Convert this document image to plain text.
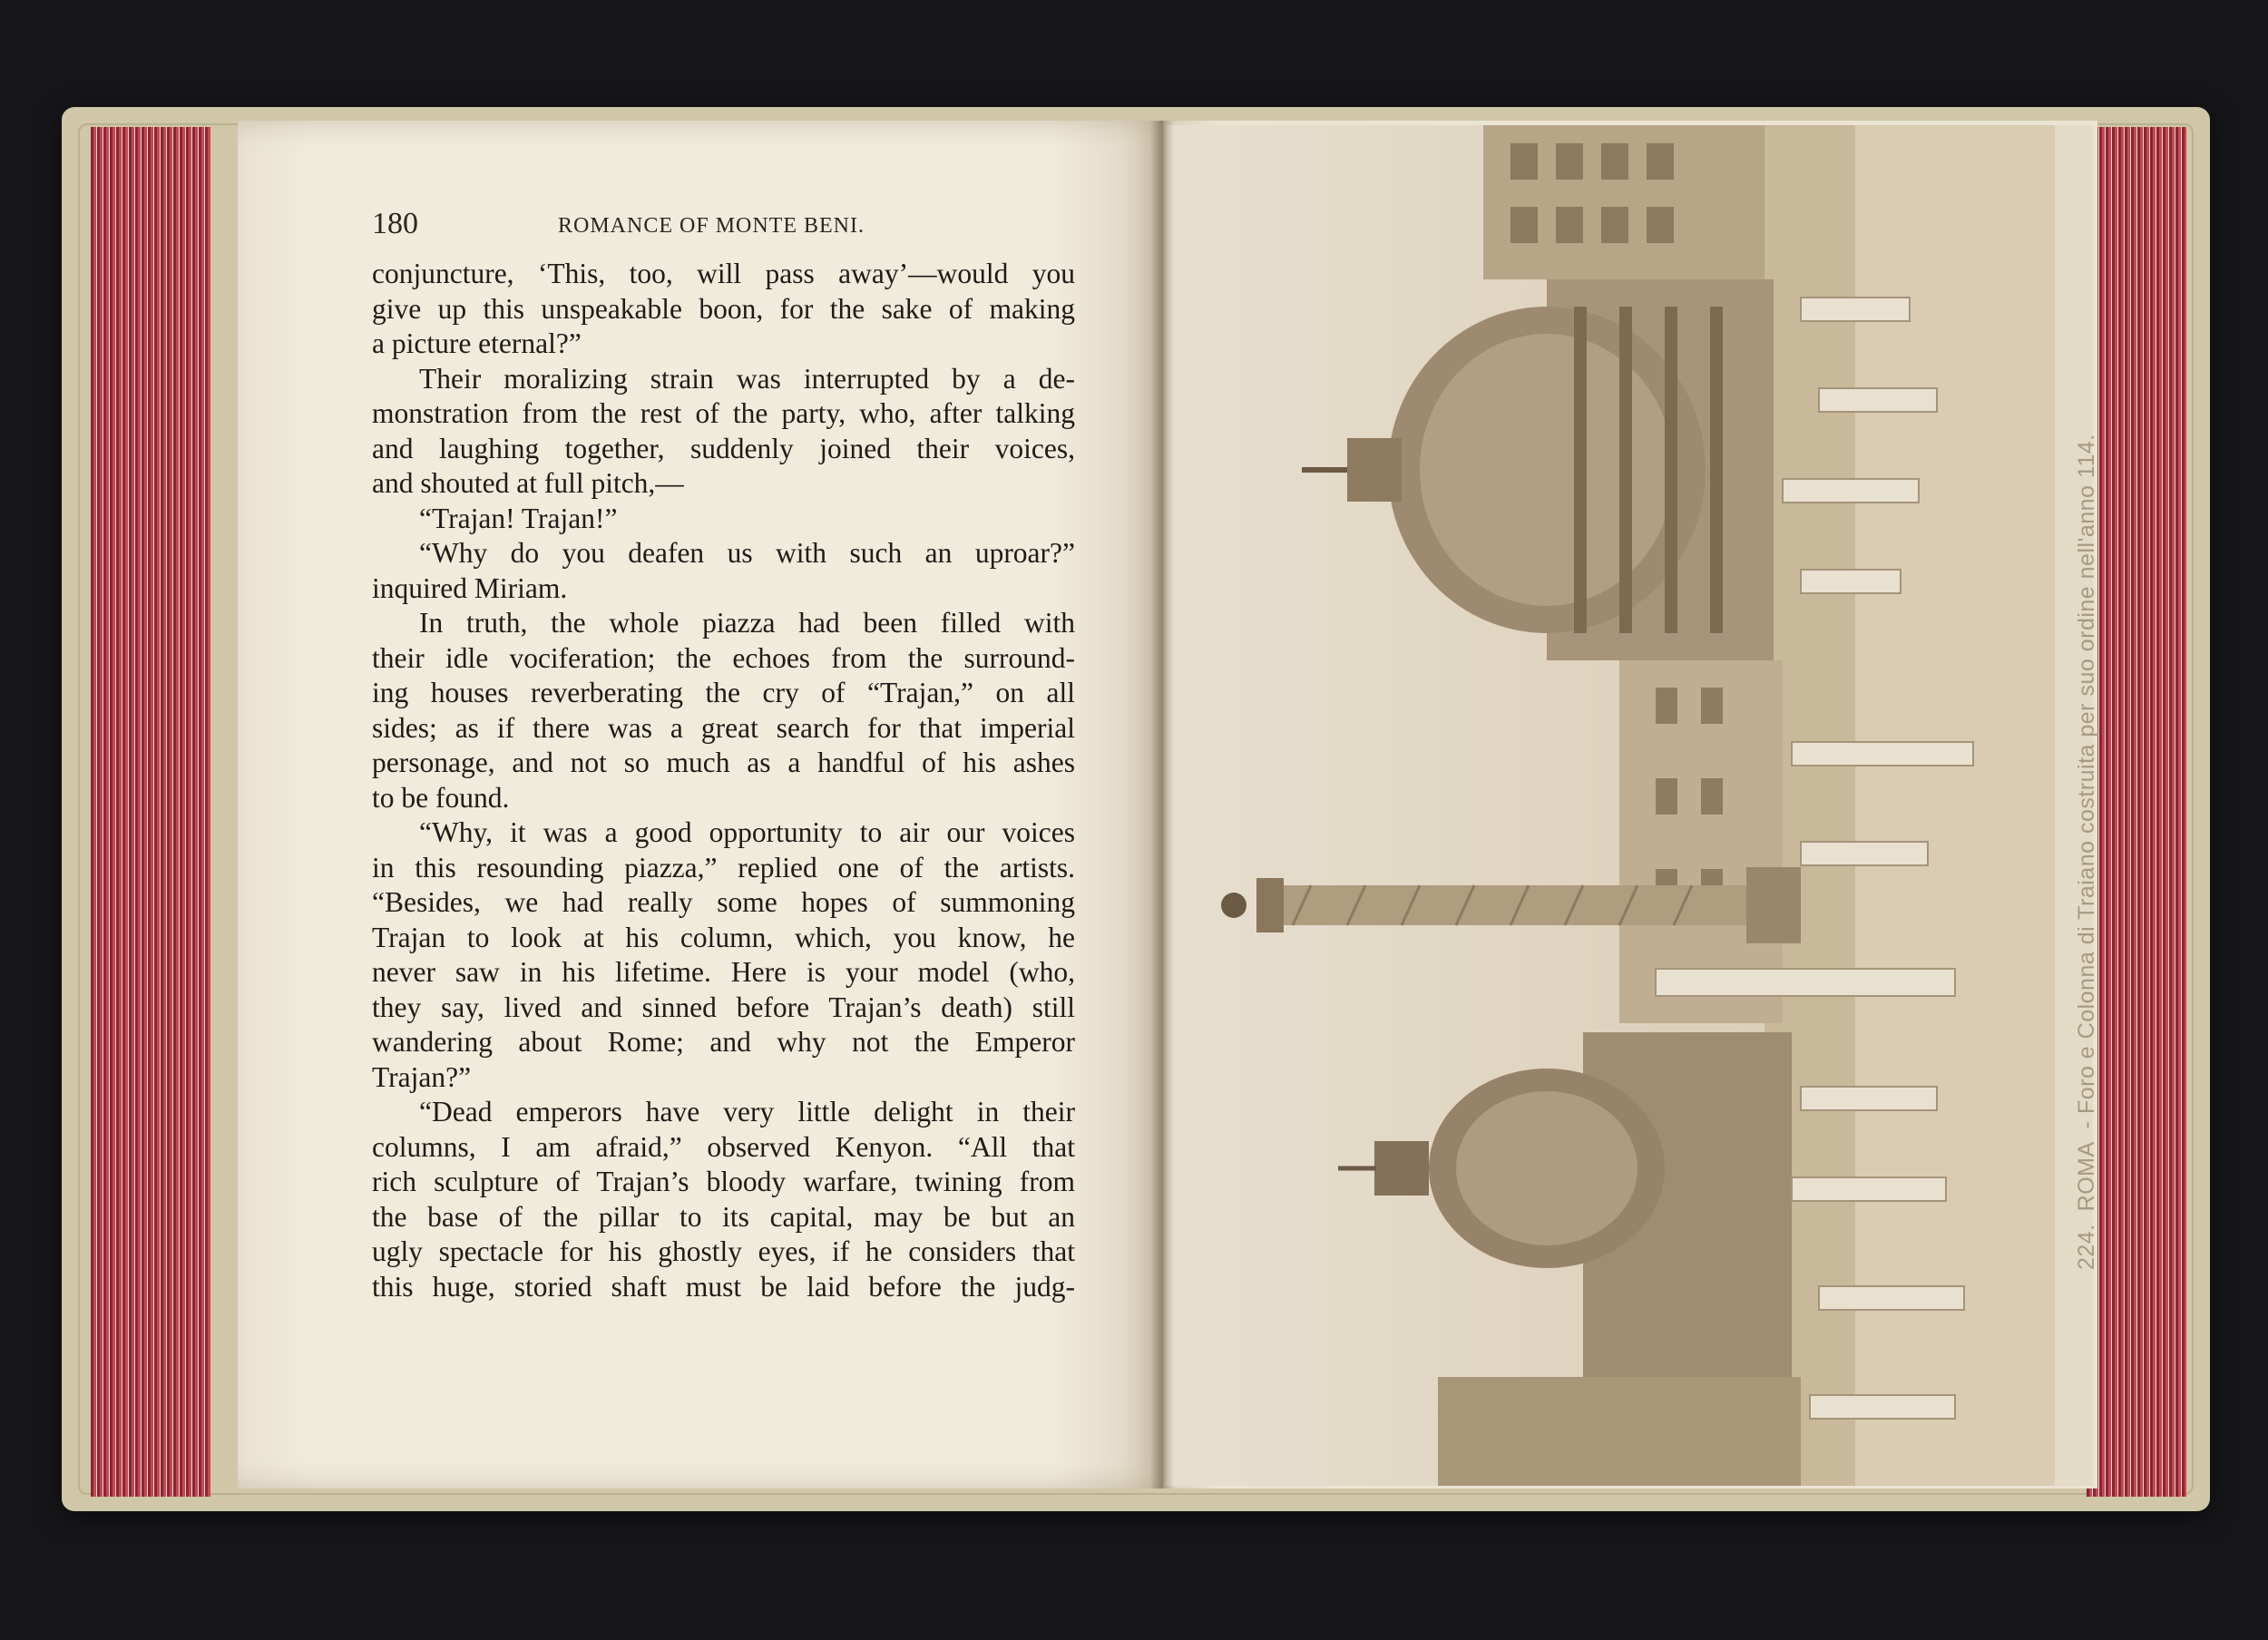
180	ROMANCE OF MONTE BENI.
conjuncture, ‘This, too, will pass away’—would you
give up this unspeakable boon, for the sake of making
a picture eternal?”
Their moralizing strain was interrupted by a de-
monstration from the rest of the party, who, after talking
and laughing together, suddenly joined their voices,
and shouted at full pitch,—
“Trajan! Trajan!”
“Why do you deafen us with such an uproar?”
inquired Miriam.
In truth, the whole piazza had been filled with
their idle vociferation; the echoes from the surround-
ing houses reverberating the cry of “Trajan,” on all
sides; as if there was a great search for that imperial
personage, and not so much as a handful of his ashes
to be found.
“Why, it was a good opportunity to air our voices
in this resounding piazza,” replied one of the artists.
“Besides, we had really some hopes of summoning
Trajan to look at his column, which, you know, he
never saw in his lifetime. Here is your model (who,
they say, lived and sinned before Trajan’s death) still
wandering about Rome; and why not the Emperor
Trajan?”
“Dead emperors have very little delight in their
columns, I am afraid,” observed Kenyon. “All that
rich sculpture of Trajan’s bloody warfare, twining from
the base of the pillar to its capital, may be but an
ugly spectacle for his ghostly eyes, if he considers that
this huge, storied shaft must be laid before the judg-
224.ROMA- Foro e Colonna di Traiano costruita per suo ordine nell'anno 114.
